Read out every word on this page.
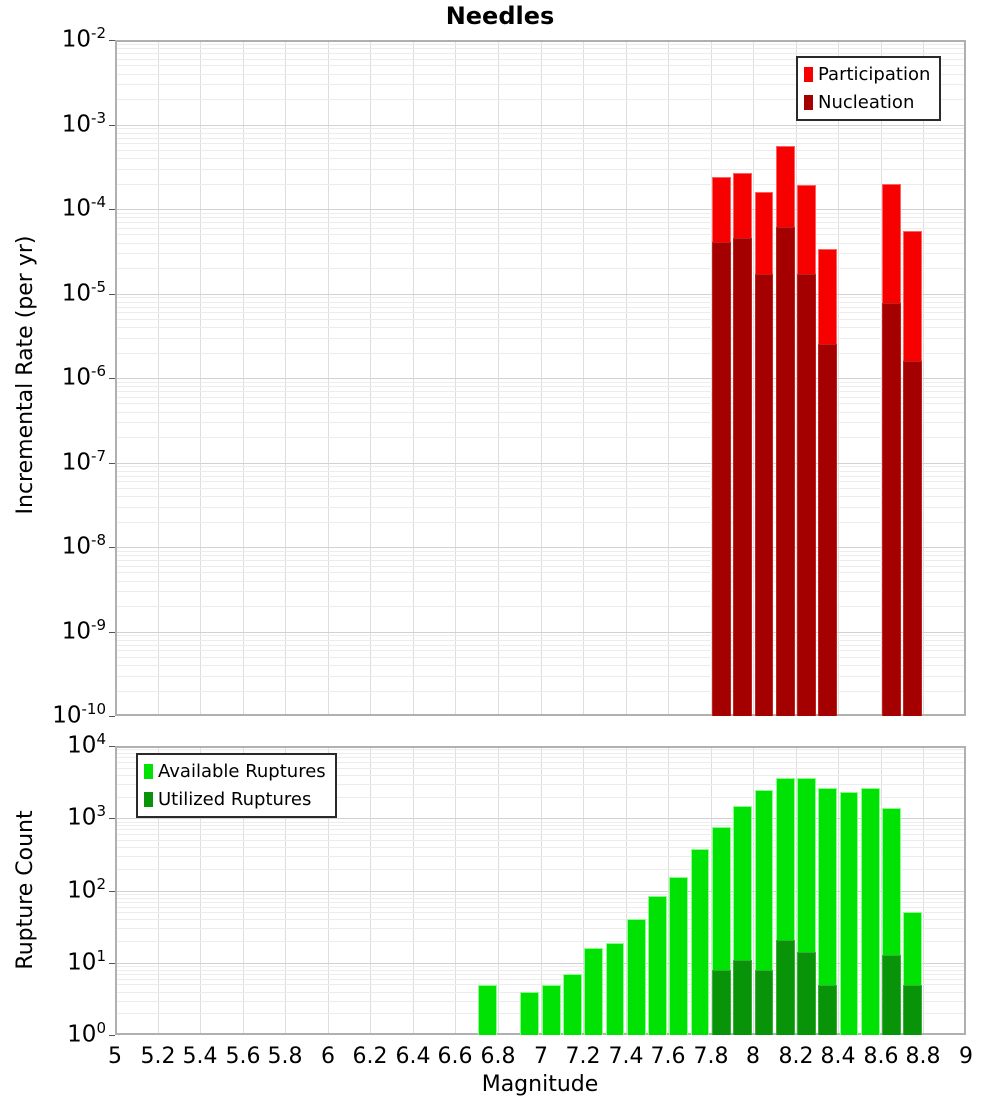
Needles
Incremental Rate (per yr)
Rupture Count
Magnitude
Participation
Nucleation
Available Ruptures
Utilized Ruptures
$10^{-2}$
$10^{-3}$
$10^{-4}$
$10^{-5}$
$10^{-6}$
$10^{-7}$
$10^{-8}$
$10^{-9}$
$10^{-10}$
$10^4$
$10^3$
$10^2$
$10^1$
$10^0$
5 5.2 5.4 5.6 5.8 6 6.2 6.4 6.6 6.8 7 7.2 7.4 7.6 7.8 8 8.2 8.4 8.6 8.8 9
